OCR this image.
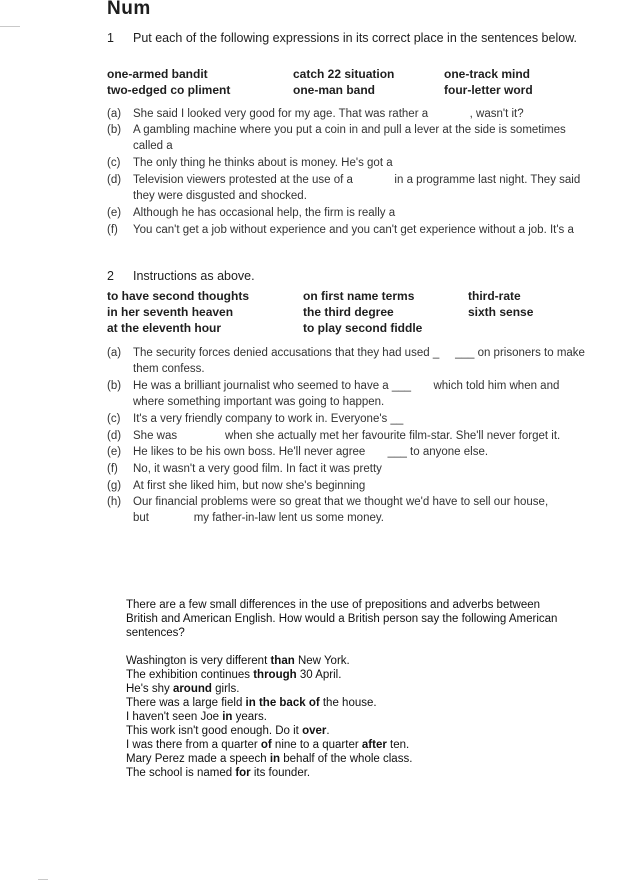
Num
1 Put each of the following expressions in its correct place in the sentences below.
one-armed bandit	catch 22 situation	one-track mind
two-edged co pliment	one-man band	four-letter word
(a) She said I looked very good for my age. That was rather a             , wasn't it?
(b) A gambling machine where you put a coin in and pull a lever at the side is sometimes called a
(c) The only thing he thinks about is money. He's got a
(d) Television viewers protested at the use of a             in a programme last night. They said they were disgusted and shocked.
(e) Although he has occasional help, the firm is really a
(f) You can't get a job without experience and you can't get experience without a job. It's a
2 Instructions as above.
to have second thoughts	on first name terms	third-rate
in her seventh heaven	the third degree	sixth sense
at the eleventh hour	to play second fiddle
(a) The security forces denied accusations that they had used _     ___ on prisoners to make them confess.
(b) He was a brilliant journalist who seemed to have a ___       which told him when and where something important was going to happen.
(c) It's a very friendly company to work in. Everyone's __
(d) She was               when she actually met her favourite film-star. She'll never forget it.
(e) He likes to be his own boss. He'll never agree       ___ to anyone else.
(f) No, it wasn't a very good film. In fact it was pretty
(g) At first she liked him, but now she's beginning
(h) Our financial problems were so great that we thought we'd have to sell our house, but              my father-in-law lent us some money.
There are a few small differences in the use of prepositions and adverbs between British and American English. How would a British person say the following American sentences?
Washington is very different than New York.
The exhibition continues through 30 April.
He's shy around girls.
There was a large field in the back of the house.
I haven't seen Joe in years.
This work isn't good enough. Do it over.
I was there from a quarter of nine to a quarter after ten.
Mary Perez made a speech in behalf of the whole class.
The school is named for its founder.
